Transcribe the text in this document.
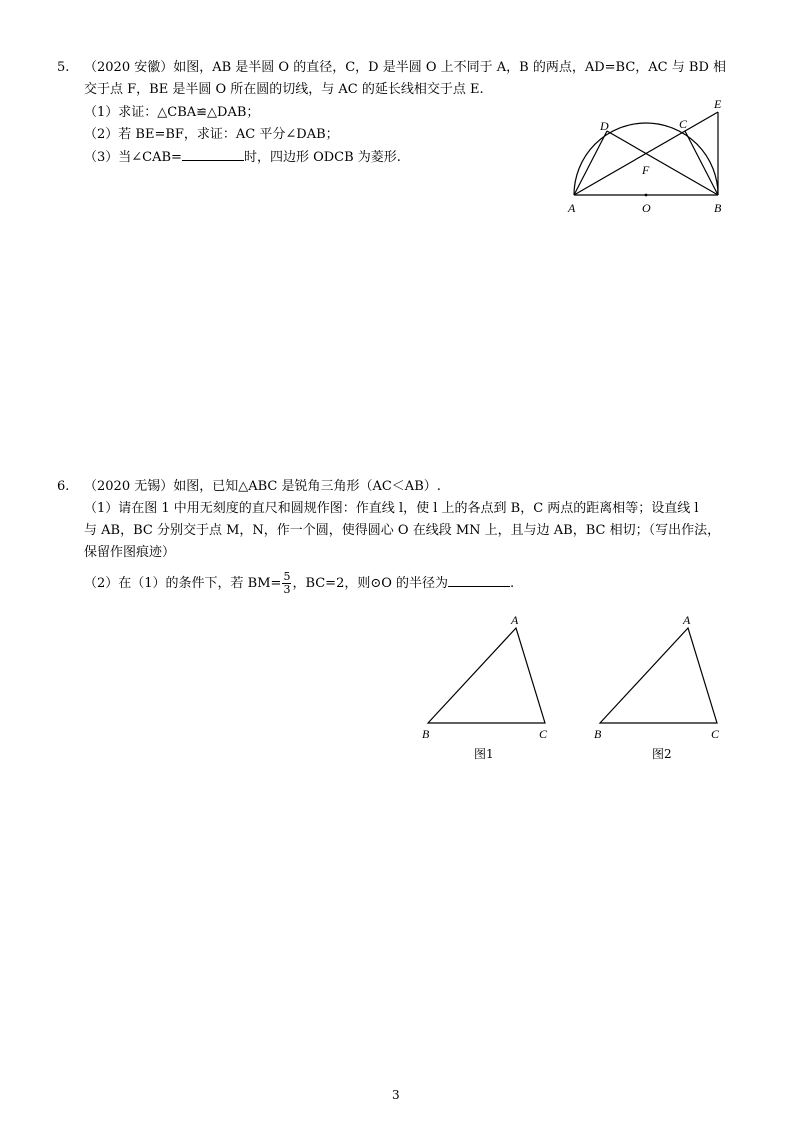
5. （2020 安徽）如图，AB 是半圆 O 的直径，C，D 是半圆 O 上不同于 A，B 的两点，AD=BC，AC 与 BD 相
交于点 F，BE 是半圆 O 所在圆的切线，与 AC 的延长线相交于点 E.
（1）求证：△CBA≌△DAB；
（2）若 BE=BF，求证：AC 平分∠DAB；
（3）当∠CAB=	时，四边形 ODCB 为菱形.
E
D	C
F
A	O	B
6. （2020 无锡）如图，已知△ABC 是锐角三角形（AC＜AB）.
（1）请在图 1 中用无刻度的直尺和圆规作图：作直线 l，使 l 上的各点到 B，C 两点的距离相等；设直线 l
与 AB，BC 分别交于点 M，N，作一个圆，使得圆心 O 在线段 MN 上，且与边 AB，BC 相切；（写出作法，
保留作图痕迹）
（2）在（1）的条件下，若 $BM= \frac{5}{3}$ ，BC=2，则⊙O 的半径为	.
A
B	C
图1
A
B	C
图2
3
